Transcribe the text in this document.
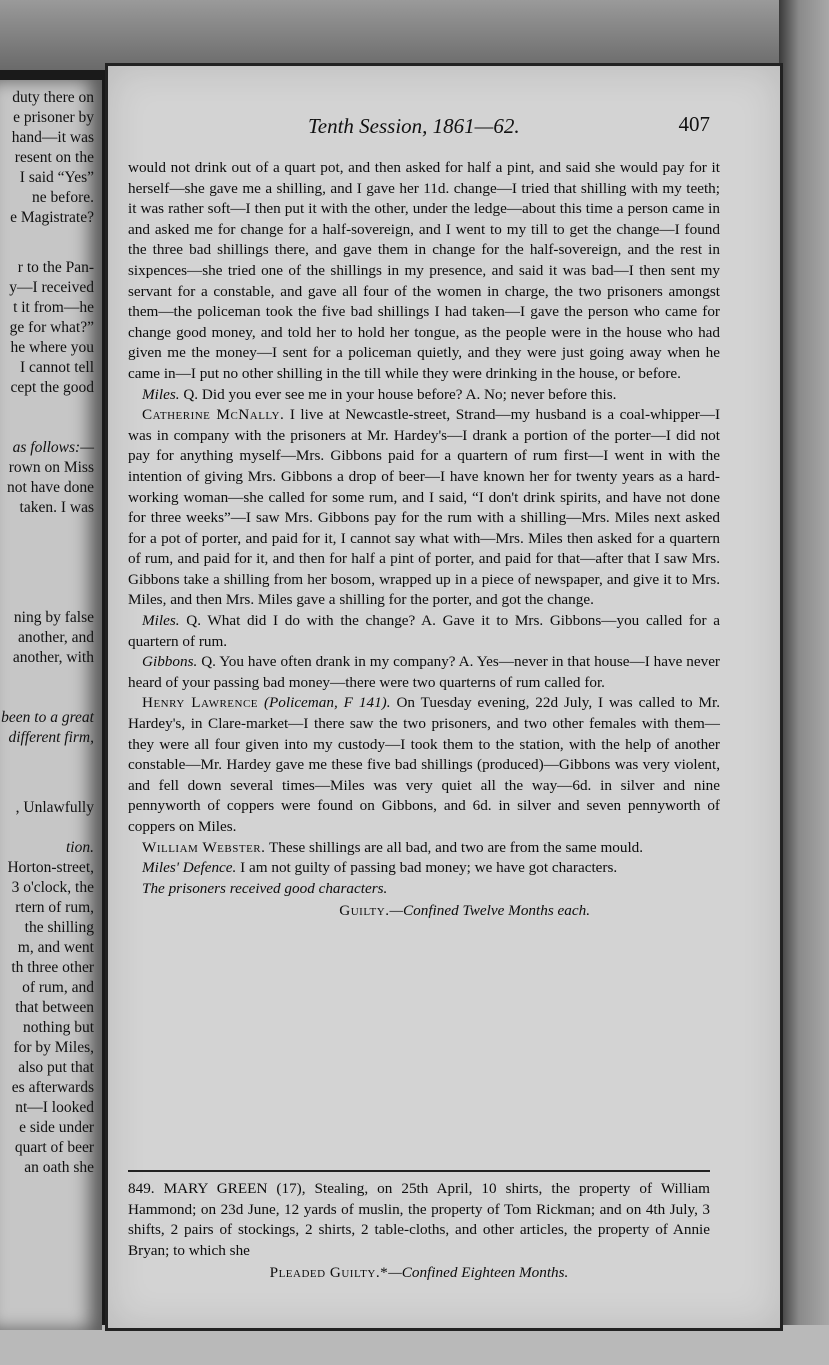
duty there on
e prisoner by
hand—it was
resent on the
I said “Yes”
ne before.
e Magistrate?
r to the Pan-
y—I received
t it from—he
ge for what?”
he where you
I cannot tell
cept the good
as follows:—
rown on Miss
not have done
taken. I was
ning by false
another, and
another, with
been to a great
different firm,
, Unlawfully
tion.
Horton-street,
3 o'clock, the
rtern of rum,
the shilling
m, and went
th three other
of rum, and
that between
nothing but
for by Miles,
also put that
es afterwards
nt—I looked
e side under
quart of beer
an oath she
Tenth Session, 1861—62.	407

would not drink out of a quart pot, and then asked for half a pint, and said she would pay for it herself—she gave me a shilling, and I gave her 11d. change—I tried that shilling with my teeth; it was rather soft—I then put it with the other, under the ledge—about this time a person came in and asked me for change for a half-sovereign, and I went to my till to get the change—I found the three bad shillings there, and gave them in change for the half-sovereign, and the rest in sixpences—she tried one of the shillings in my presence, and said it was bad—I then sent my servant for a constable, and gave all four of the women in charge, the two prisoners amongst them—the policeman took the five bad shillings I had taken—I gave the person who came for change good money, and told her to hold her tongue, as the people were in the house who had given me the money—I sent for a policeman quietly, and they were just going away when he came in—I put no other shilling in the till while they were drinking in the house, or before.

Miles. Q. Did you ever see me in your house before? A. No; never before this.

Catherine McNally. I live at Newcastle-street, Strand—my husband is a coal-whipper—I was in company with the prisoners at Mr. Hardey's—I drank a portion of the porter—I did not pay for anything myself—Mrs. Gibbons paid for a quartern of rum first—I went in with the intention of giving Mrs. Gibbons a drop of beer—I have known her for twenty years as a hard-working woman—she called for some rum, and I said, “I don't drink spirits, and have not done for three weeks”—I saw Mrs. Gibbons pay for the rum with a shilling—Mrs. Miles next asked for a pot of porter, and paid for it, I cannot say what with—Mrs. Miles then asked for a quartern of rum, and paid for it, and then for half a pint of porter, and paid for that—after that I saw Mrs. Gibbons take a shilling from her bosom, wrapped up in a piece of newspaper, and give it to Mrs. Miles, and then Mrs. Miles gave a shilling for the porter, and got the change.

Miles. Q. What did I do with the change? A. Gave it to Mrs. Gibbons—you called for a quartern of rum.

Gibbons. Q. You have often drank in my company? A. Yes—never in that house—I have never heard of your passing bad money—there were two quarterns of rum called for.

Henry Lawrence (Policeman, F 141). On Tuesday evening, 22d July, I was called to Mr. Hardey's, in Clare-market—I there saw the two prisoners, and two other females with them—they were all four given into my custody—I took them to the station, with the help of another constable—Mr. Hardey gave me these five bad shillings (produced)—Gibbons was very violent, and fell down several times—Miles was very quiet all the way—6d. in silver and nine pennyworth of coppers were found on Gibbons, and 6d. in silver and seven pennyworth of coppers on Miles.

William Webster. These shillings are all bad, and two are from the same mould.

Miles' Defence. I am not guilty of passing bad money; we have got characters.

The prisoners received good characters.

Guilty.—Confined Twelve Months each.

849. MARY GREEN (17), Stealing, on 25th April, 10 shirts, the property of William Hammond; on 23d June, 12 yards of muslin, the property of Tom Rickman; and on 4th July, 3 shifts, 2 pairs of stockings, 2 shirts, 2 table-cloths, and other articles, the property of Annie Bryan; to which she

Pleaded Guilty.*—Confined Eighteen Months.
